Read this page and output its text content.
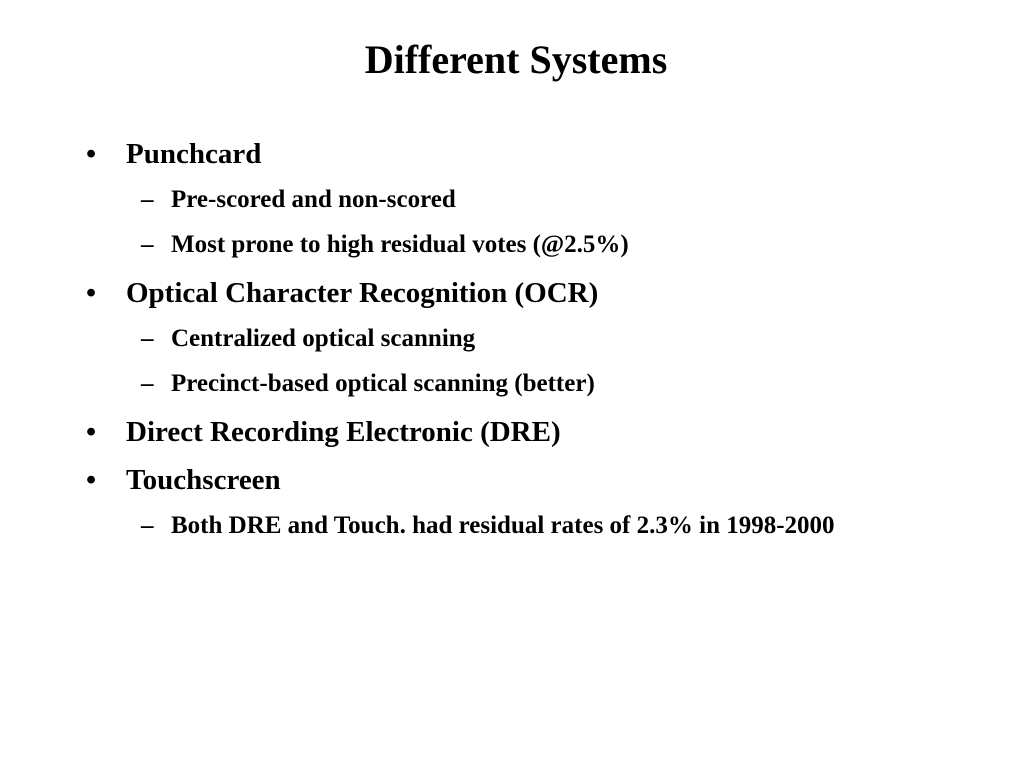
Different Systems
•	Punchcard
– Pre-scored and non-scored
– Most prone to high residual votes (@2.5%)
•	Optical Character Recognition (OCR)
– Centralized optical scanning
– Precinct-based optical scanning (better)
•	Direct Recording Electronic (DRE)
•	Touchscreen
– Both DRE and Touch. had residual rates of 2.3% in 1998-2000
